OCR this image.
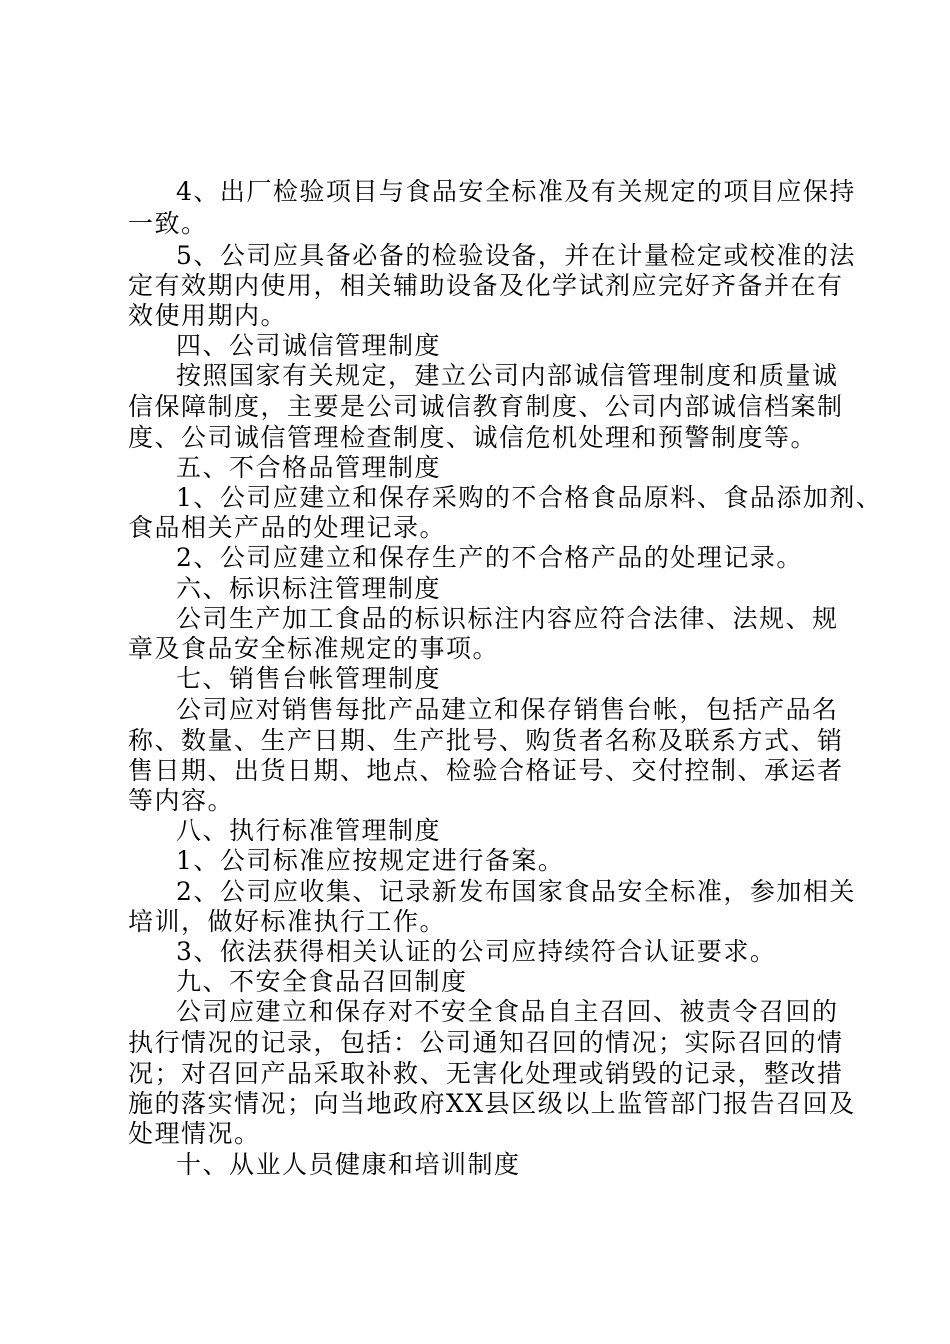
4、出厂检验项目与食品安全标准及有关规定的项目应保持
一致。
5、公司应具备必备的检验设备，并在计量检定或校准的法
定有效期内使用，相关辅助设备及化学试剂应完好齐备并在有
效使用期内。
四、公司诚信管理制度
按照国家有关规定，建立公司内部诚信管理制度和质量诚
信保障制度，主要是公司诚信教育制度、公司内部诚信档案制
度、公司诚信管理检查制度、诚信危机处理和预警制度等。
五、不合格品管理制度
1、公司应建立和保存采购的不合格食品原料、食品添加剂、
食品相关产品的处理记录。
2、公司应建立和保存生产的不合格产品的处理记录。
六、标识标注管理制度
公司生产加工食品的标识标注内容应符合法律、法规、规
章及食品安全标准规定的事项。
七、销售台帐管理制度
公司应对销售每批产品建立和保存销售台帐，包括产品名
称、数量、生产日期、生产批号、购货者名称及联系方式、销
售日期、出货日期、地点、检验合格证号、交付控制、承运者
等内容。
八、执行标准管理制度
1、公司标准应按规定进行备案。
2、公司应收集、记录新发布国家食品安全标准，参加相关
培训，做好标准执行工作。
3、依法获得相关认证的公司应持续符合认证要求。
九、不安全食品召回制度
公司应建立和保存对不安全食品自主召回、被责令召回的
执行情况的记录，包括：公司通知召回的情况；实际召回的情
况；对召回产品采取补救、无害化处理或销毁的记录，整改措
施的落实情况；向当地政府XX县区级以上监管部门报告召回及
处理情况。
十、从业人员健康和培训制度
